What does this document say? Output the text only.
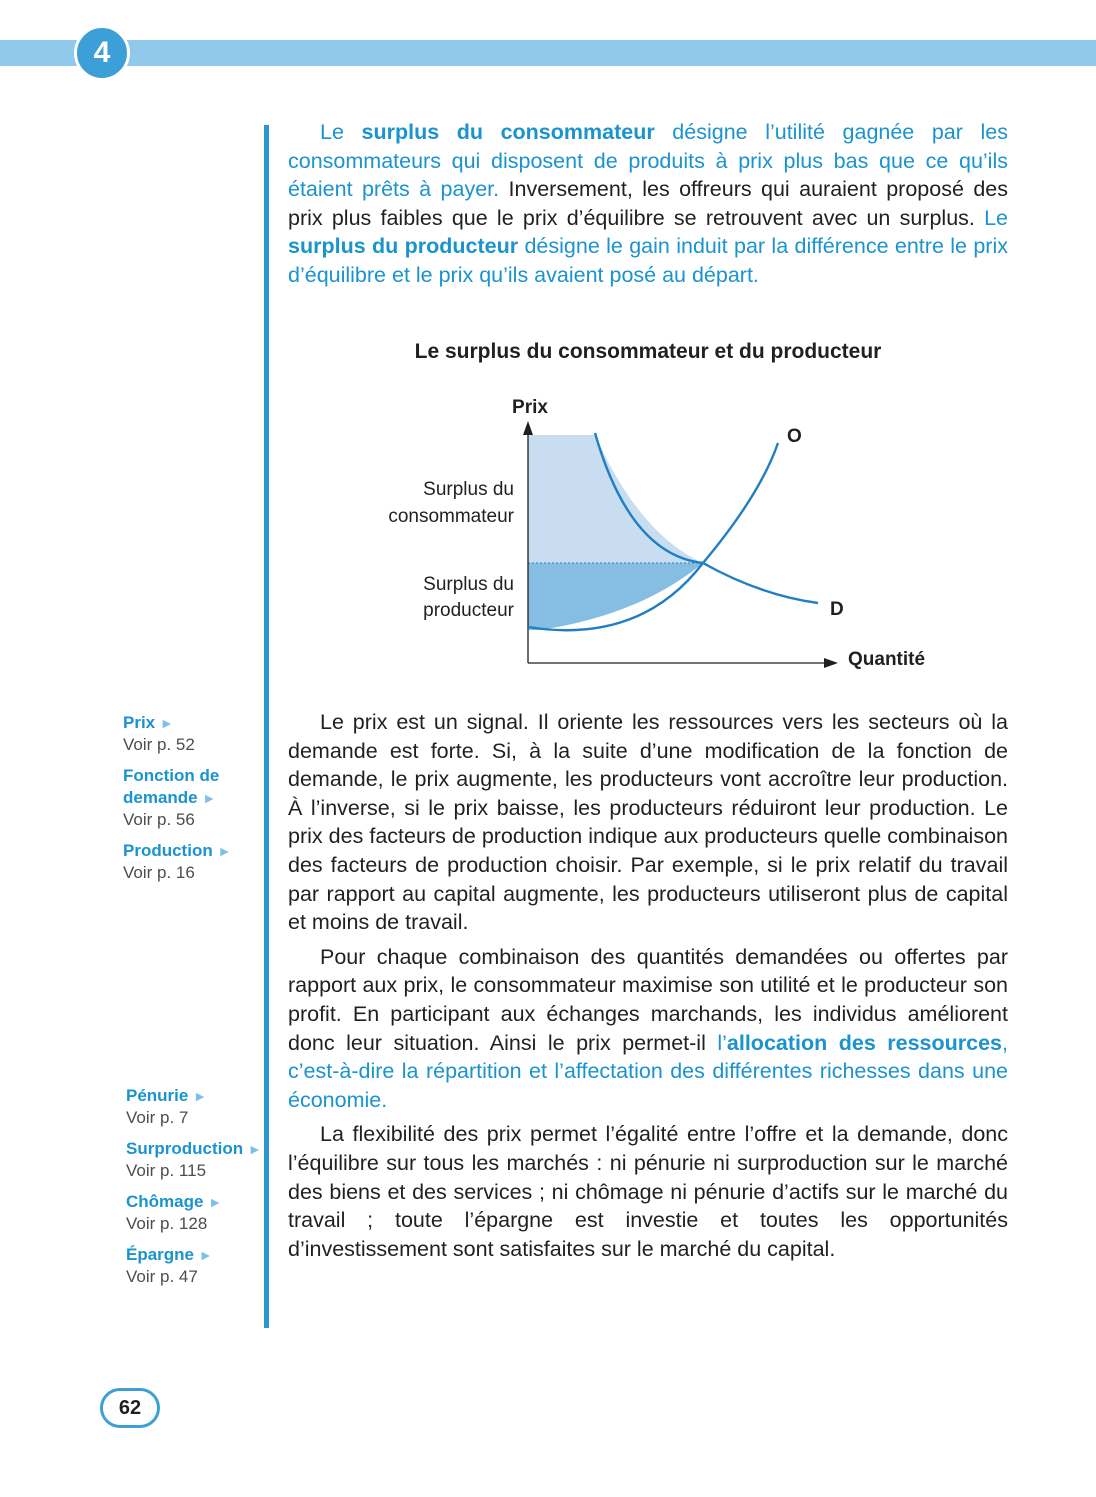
4

Le surplus du consommateur désigne l’utilité gagnée par les consommateurs qui disposent de produits à prix plus bas que ce qu’ils étaient prêts à payer. Inversement, les offreurs qui auraient proposé des prix plus faibles que le prix d’équilibre se retrouvent avec un surplus. Le surplus du producteur désigne le gain induit par la différence entre le prix d’équilibre et le prix qu’ils avaient posé au départ.

Le surplus du consommateur et du producteur
Prix
Quantité
O
D
Surplus du
consommateur
Surplus du
producteur

Le prix est un signal. Il oriente les ressources vers les secteurs où la demande est forte. Si, à la suite d’une modification de la fonction de demande, le prix augmente, les producteurs vont accroître leur production. À l’inverse, si le prix baisse, les producteurs réduiront leur production. Le prix des facteurs de production indique aux producteurs quelle combinaison des facteurs de production choisir. Par exemple, si le prix relatif du travail par rapport au capital augmente, les producteurs utiliseront plus de capital et moins de travail.

Pour chaque combinaison des quantités demandées ou offertes par rapport aux prix, le consommateur maximise son utilité et le producteur son profit. En participant aux échanges marchands, les individus améliorent donc leur situation. Ainsi le prix permet-il l’allocation des ressources, c’est-à-dire la répartition et l’affectation des différentes richesses dans une économie.

La flexibilité des prix permet l’égalité entre l’offre et la demande, donc l’équilibre sur tous les marchés : ni pénurie ni surproduction sur le marché des biens et des services ; ni chômage ni pénurie d’actifs sur le marché du travail ; toute l’épargne est investie et toutes les opportunités d’investissement sont satisfaites sur le marché du capital.

Prix ►
Voir p. 52
Fonction de demande ►
Voir p. 56
Production ►
Voir p. 16
Pénurie ►
Voir p. 7
Surproduction ►
Voir p. 115
Chômage ►
Voir p. 128
Épargne ►
Voir p. 47
62
